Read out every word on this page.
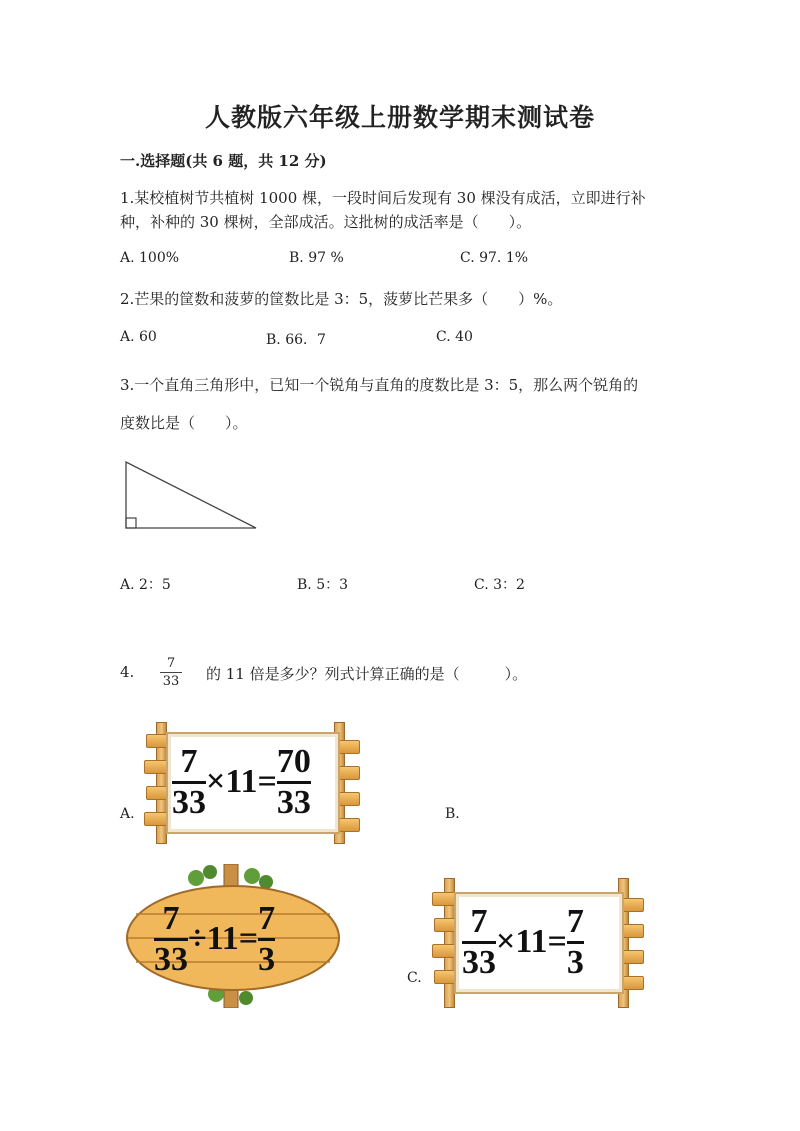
人教版六年级上册数学期末测试卷
一.选择题(共 6 题，共 12 分)
1.某校植树节共植树 1000 棵，一段时间后发现有 30 棵没有成活，立即进行补
种，补种的 30 棵树，全部成活。这批树的成活率是（　　）。
A. 100%	B. 97 %	C. 97. 1%
2.芒果的筐数和菠萝的筐数比是 3：5，菠萝比芒果多（　　）%。
A. 60	B. 66．7	C. 40
3.一个直角三角形中，已知一个锐角与直角的度数比是 3：5，那么两个锐角的
度数比是（　　）。
A. 2：5	B. 5：3	C. 3：2
4.	7
33 的 11 倍是多少？列式计算正确的是（　　　）。
A.	B.
C.
7
33
×11=
70
33
7
33
÷11=
7
3
7
33
×11=
7
3
